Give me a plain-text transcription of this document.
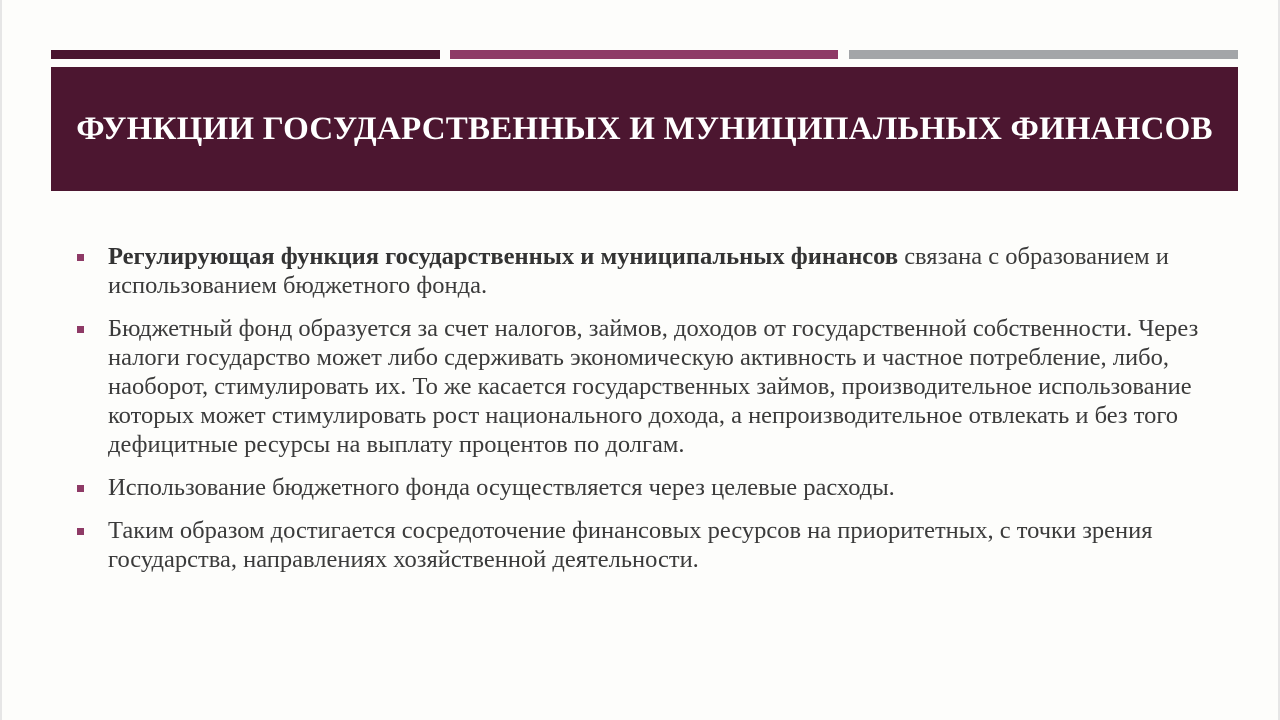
ФУНКЦИИ ГОСУДАРСТВЕННЫХ И МУНИЦИПАЛЬНЫХ ФИНАНСОВ
Регулирующая функция государственных и муниципальных финансов связана с образованием и использованием бюджетного фонда.
Бюджетный фонд образуется за счет налогов, займов, доходов от государственной собственности. Через налоги государство может либо сдерживать экономическую активность и частное потребление, либо, наоборот, стимулировать их. То же касается государственных займов, производительное использование которых может стимулировать рост национального дохода, а непроизводительное отвлекать и без того дефицитные ресурсы на выплату процентов по долгам.
Использование бюджетного фонда осуществляется через целевые расходы.
Таким образом достигается сосредоточение финансовых ресурсов на приоритетных, с точки зрения государства, направлениях хозяйственной деятельности.
